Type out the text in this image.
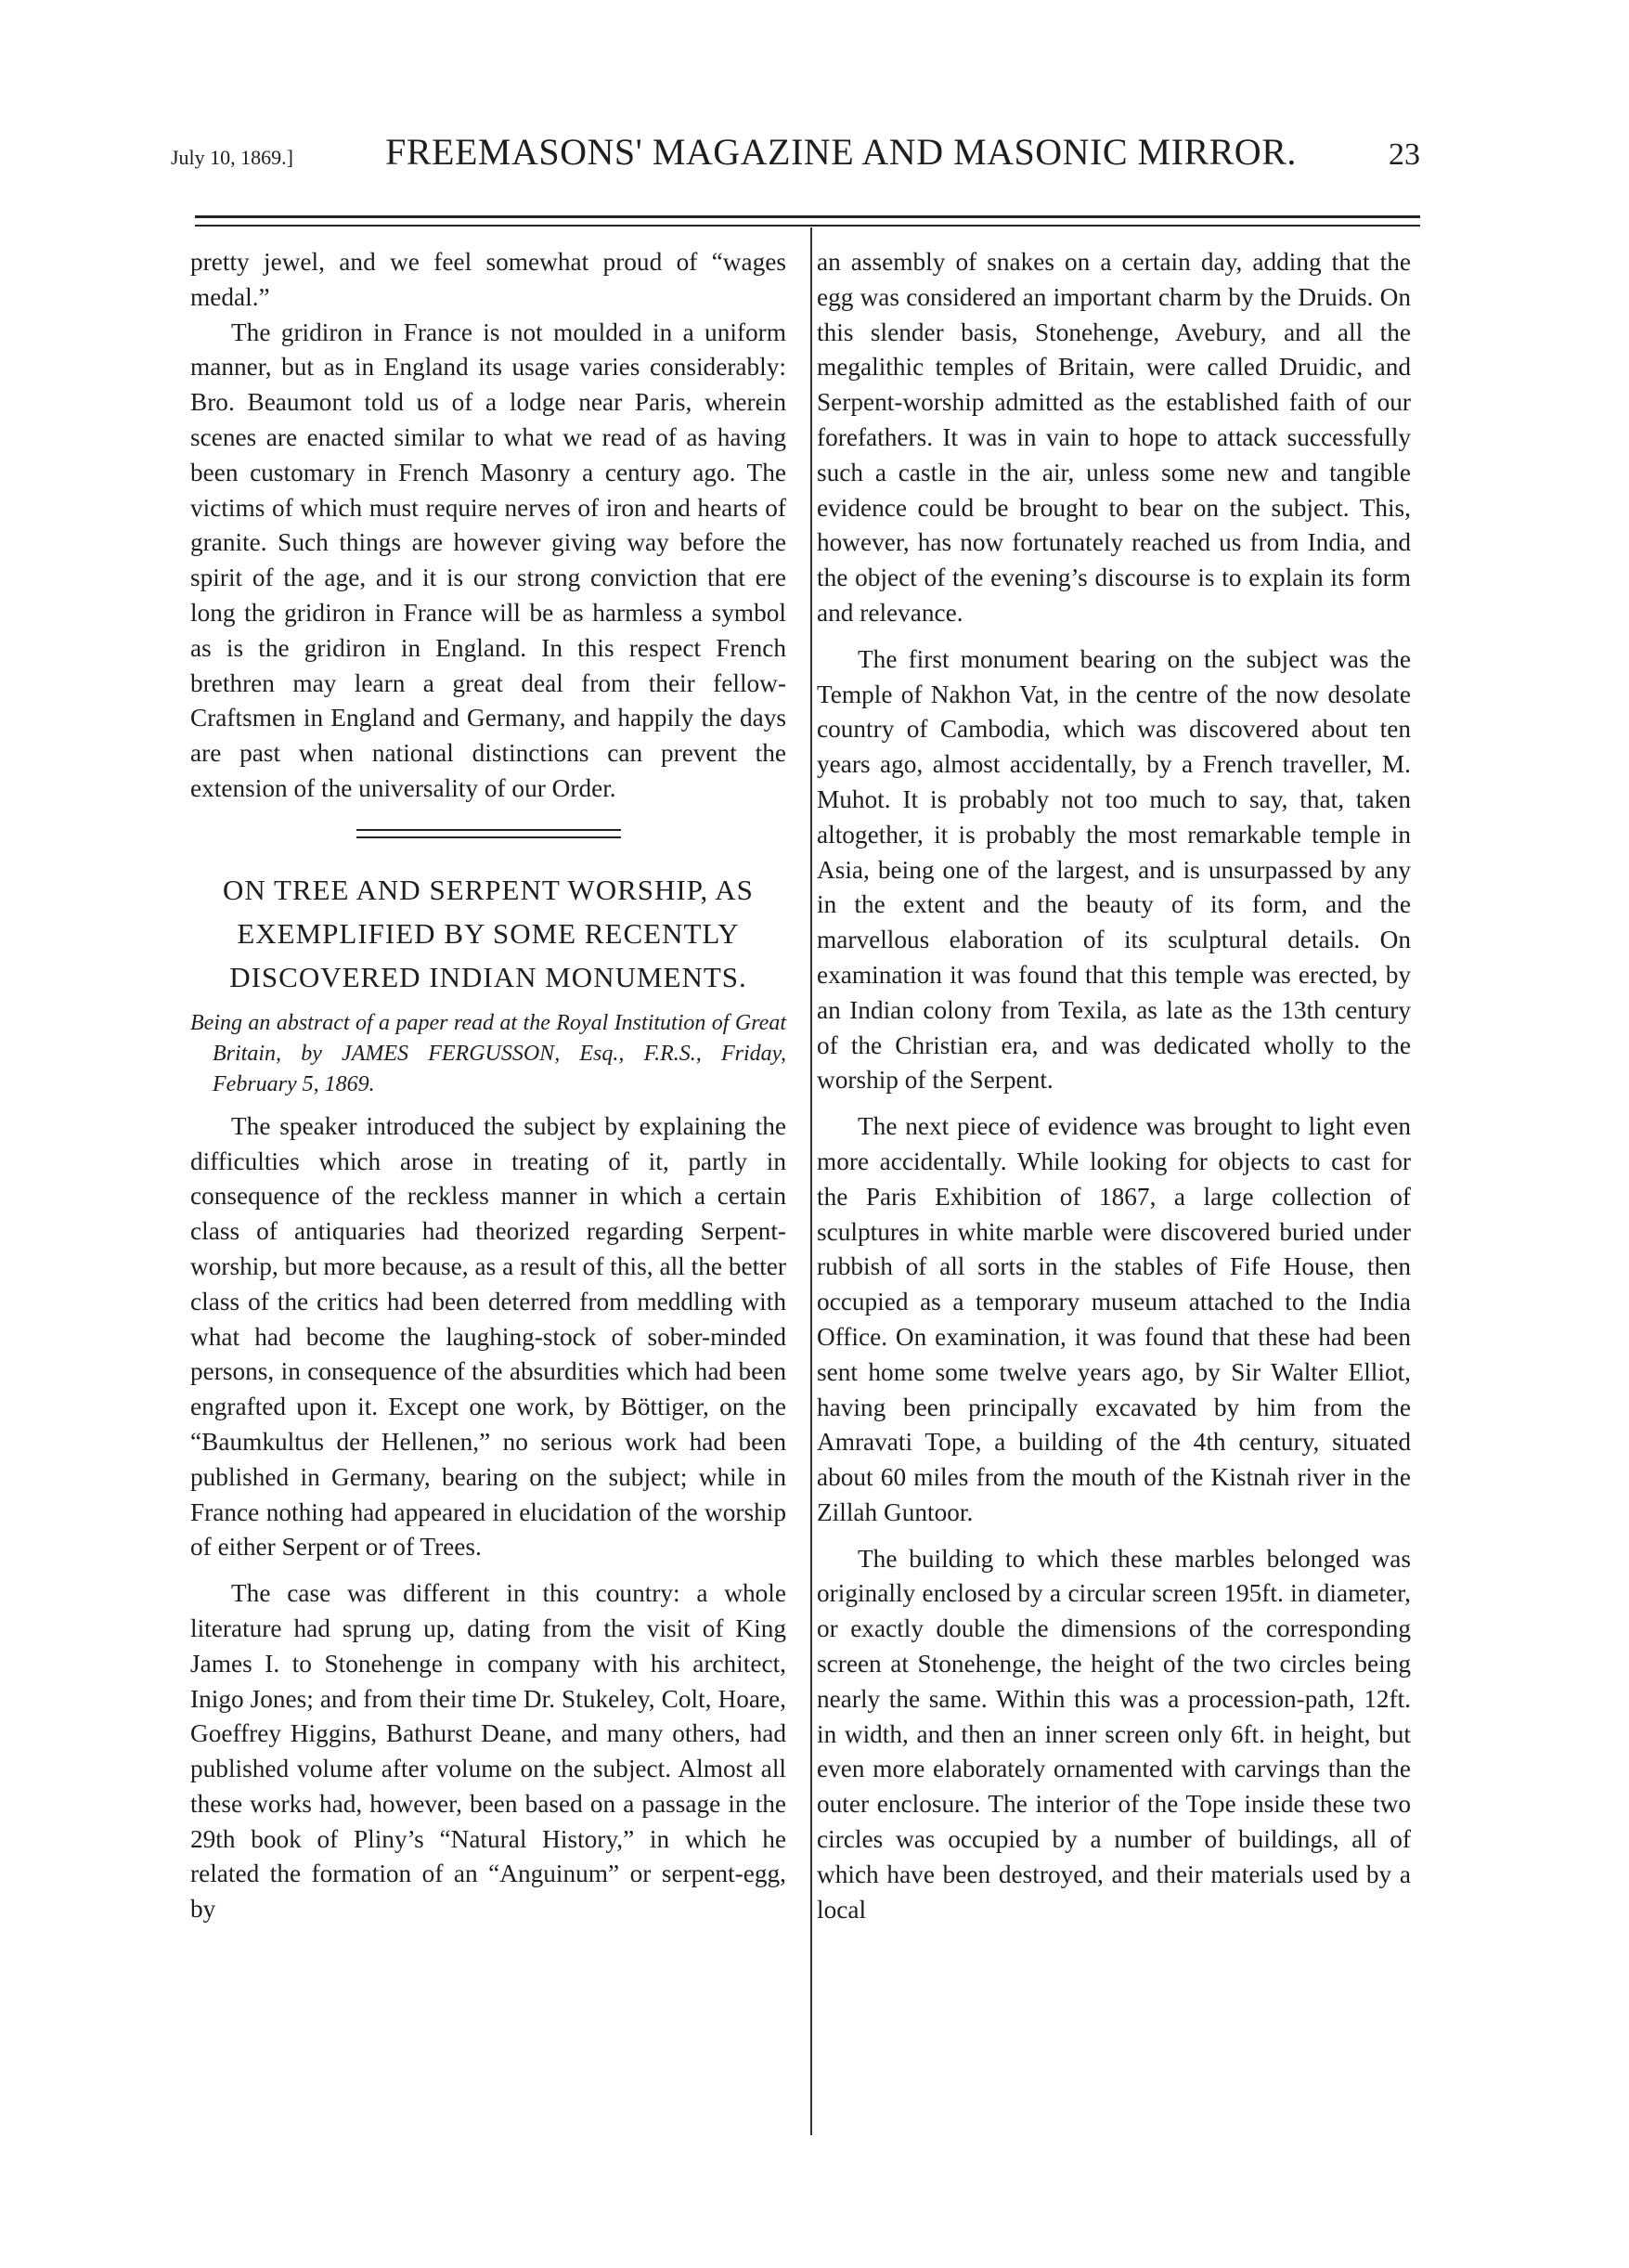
July 10, 1869.] FREEMASONS' MAGAZINE AND MASONIC MIRROR.	23

pretty jewel, and we feel somewhat proud of “wages medal.”

The gridiron in France is not moulded in a uniform manner, but as in England its usage varies considerably: Bro. Beaumont told us of a lodge near Paris, wherein scenes are enacted similar to what we read of as having been customary in French Masonry a century ago. The victims of which must require nerves of iron and hearts of granite. Such things are however giving way before the spirit of the age, and it is our strong conviction that ere long the gridiron in France will be as harmless a symbol as is the gridiron in England. In this respect French brethren may learn a great deal from their fellow-Craftsmen in England and Germany, and happily the days are past when national distinctions can prevent the extension of the universality of our Order.

ON TREE AND SERPENT WORSHIP, AS EXEMPLIFIED BY SOME RECENTLY DISCOVERED INDIAN MONUMENTS.

Being an abstract of a paper read at the Royal Institution of Great Britain, by JAMES FERGUSSON, Esq., F.R.S., Friday, February 5, 1869.

The speaker introduced the subject by explaining the difficulties which arose in treating of it, partly in consequence of the reckless manner in which a certain class of antiquaries had theorized regarding Serpent-worship, but more because, as a result of this, all the better class of the critics had been deterred from meddling with what had become the laughing-stock of sober-minded persons, in consequence of the absurdities which had been engrafted upon it. Except one work, by Böttiger, on the “Baumkultus der Hellenen,” no serious work had been published in Germany, bearing on the subject; while in France nothing had appeared in elucidation of the worship of either Serpent or of Trees.

The case was different in this country: a whole literature had sprung up, dating from the visit of King James I. to Stonehenge in company with his architect, Inigo Jones; and from their time Dr. Stukeley, Colt, Hoare, Goeffrey Higgins, Bathurst Deane, and many others, had published volume after volume on the subject. Almost all these works had, however, been based on a passage in the 29th book of Pliny’s “Natural History,” in which he related the formation of an “Anguinum” or serpent-egg, by

an assembly of snakes on a certain day, adding that the egg was considered an important charm by the Druids. On this slender basis, Stonehenge, Avebury, and all the megalithic temples of Britain, were called Druidic, and Serpent-worship admitted as the established faith of our forefathers. It was in vain to hope to attack successfully such a castle in the air, unless some new and tangible evidence could be brought to bear on the subject. This, however, has now fortunately reached us from India, and the object of the evening’s discourse is to explain its form and relevance.

The first monument bearing on the subject was the Temple of Nakhon Vat, in the centre of the now desolate country of Cambodia, which was discovered about ten years ago, almost accidentally, by a French traveller, M. Muhot. It is probably not too much to say, that, taken altogether, it is probably the most remarkable temple in Asia, being one of the largest, and is unsurpassed by any in the extent and the beauty of its form, and the marvellous elaboration of its sculptural details. On examination it was found that this temple was erected, by an Indian colony from Texila, as late as the 13th century of the Christian era, and was dedicated wholly to the worship of the Serpent.

The next piece of evidence was brought to light even more accidentally. While looking for objects to cast for the Paris Exhibition of 1867, a large collection of sculptures in white marble were discovered buried under rubbish of all sorts in the stables of Fife House, then occupied as a temporary museum attached to the India Office. On examination, it was found that these had been sent home some twelve years ago, by Sir Walter Elliot, having been principally excavated by him from the Amravati Tope, a building of the 4th century, situated about 60 miles from the mouth of the Kistnah river in the Zillah Guntoor.

The building to which these marbles belonged was originally enclosed by a circular screen 195ft. in diameter, or exactly double the dimensions of the corresponding screen at Stonehenge, the height of the two circles being nearly the same. Within this was a procession-path, 12ft. in width, and then an inner screen only 6ft. in height, but even more elaborately ornamented with carvings than the outer enclosure. The interior of the Tope inside these two circles was occupied by a number of buildings, all of which have been destroyed, and their materials used by a local
